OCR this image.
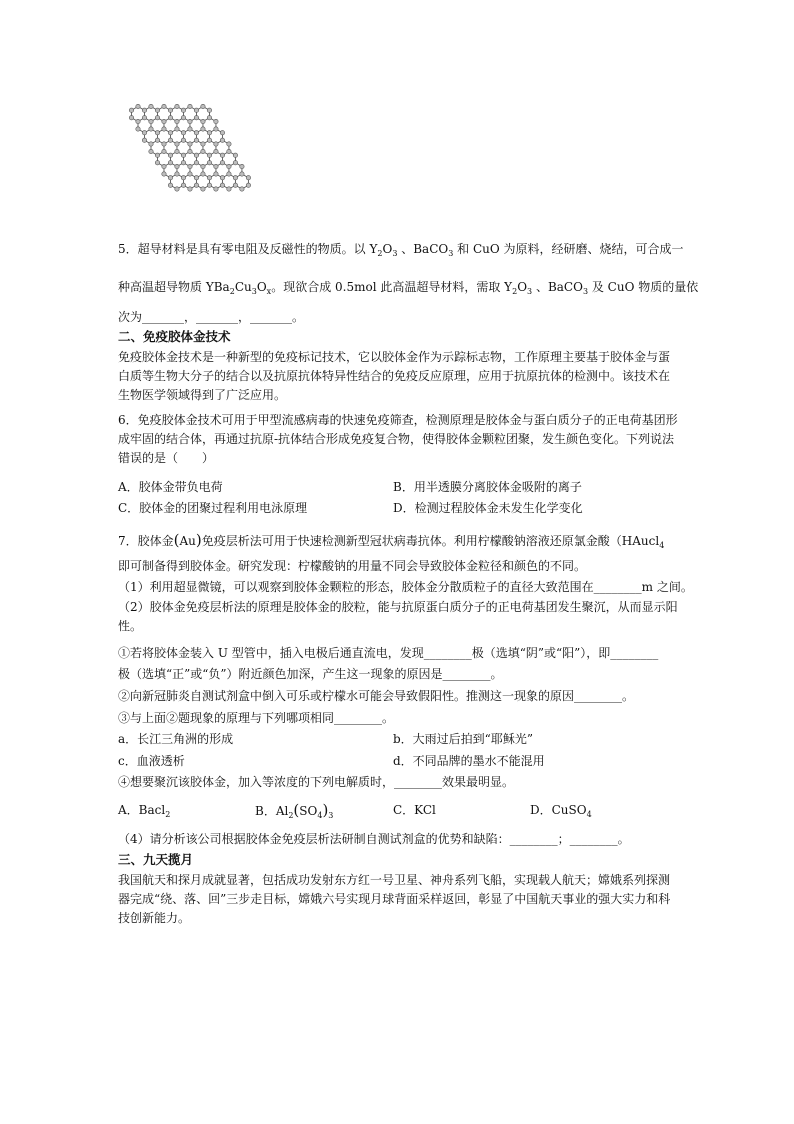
5．超导材料是具有零电阻及反磁性的物质。以 $Y_2O_3$ 、BaCO$_3$ 和 CuO 为原料，经研磨、烧结，可合成一
种高温超导物质 $YBa_2Cu_3O_x$。现欲合成 0.5mol 此高温超导材料，需取 $Y_2O_3$ 、BaCO$_3$ 及 CuO 物质的量依
次为_______，_______，_______。
二、免疫胶体金技术
免疫胶体金技术是一种新型的免疫标记技术，它以胶体金作为示踪标志物，工作原理主要基于胶体金与蛋白质等生物大分子的结合以及抗原抗体特异性结合的免疫反应原理，应用于抗原抗体的检测中。该技术在生物医学领域得到了广泛应用。
6．免疫胶体金技术可用于甲型流感病毒的快速免疫筛查，检测原理是胶体金与蛋白质分子的正电荷基团形成牢固的结合体，再通过抗原-抗体结合形成免疫复合物，使得胶体金颗粒团聚，发生颜色变化。下列说法错误的是（　　）
A．胶体金带负电荷	B．用半透膜分离胶体金吸附的离子
C．胶体金的团聚过程利用电泳原理	D．检测过程胶体金未发生化学变化
7．胶体金(Au)免疫层析法可用于快速检测新型冠状病毒抗体。利用柠檬酸钠溶液还原氯金酸（HAucl$_4$
即可制备得到胶体金。研究发现：柠檬酸钠的用量不同会导致胶体金粒径和颜色的不同。
（1）利用超显微镜，可以观察到胶体金颗粒的形态，胶体金分散质粒子的直径大致范围在________m 之间。
（2）胶体金免疫层析法的原理是胶体金的胶粒，能与抗原蛋白质分子的正电荷基团发生聚沉，从而显示阳性。
①若将胶体金装入 U 型管中，插入电极后通直流电，发现________极（选填“阴”或“阳”），即________
极（选填“正”或“负”）附近颜色加深，产生这一现象的原因是________。
②向新冠肺炎自测试剂盒中倒入可乐或柠檬水可能会导致假阳性。推测这一现象的原因________。
③与上面②题现象的原理与下列哪项相同________。
a．长江三角洲的形成	b．大雨过后拍到“耶稣光”
c．血液透析	d．不同品牌的墨水不能混用
④想要聚沉该胶体金，加入等浓度的下列电解质时，________效果最明显。
A．Bacl$_2$	B．$Al_2(SO_4)_3$	C．KCl	D．CuSO$_4$
（4）请分析该公司根据胶体金免疫层析法研制自测试剂盒的优势和缺陷：________；________。
三、九天揽月
我国航天和探月成就显著，包括成功发射东方红一号卫星、神舟系列飞船，实现载人航天；嫦娥系列探测器完成“绕、落、回”三步走目标，嫦娥六号实现月球背面采样返回，彰显了中国航天事业的强大实力和科技创新能力。
